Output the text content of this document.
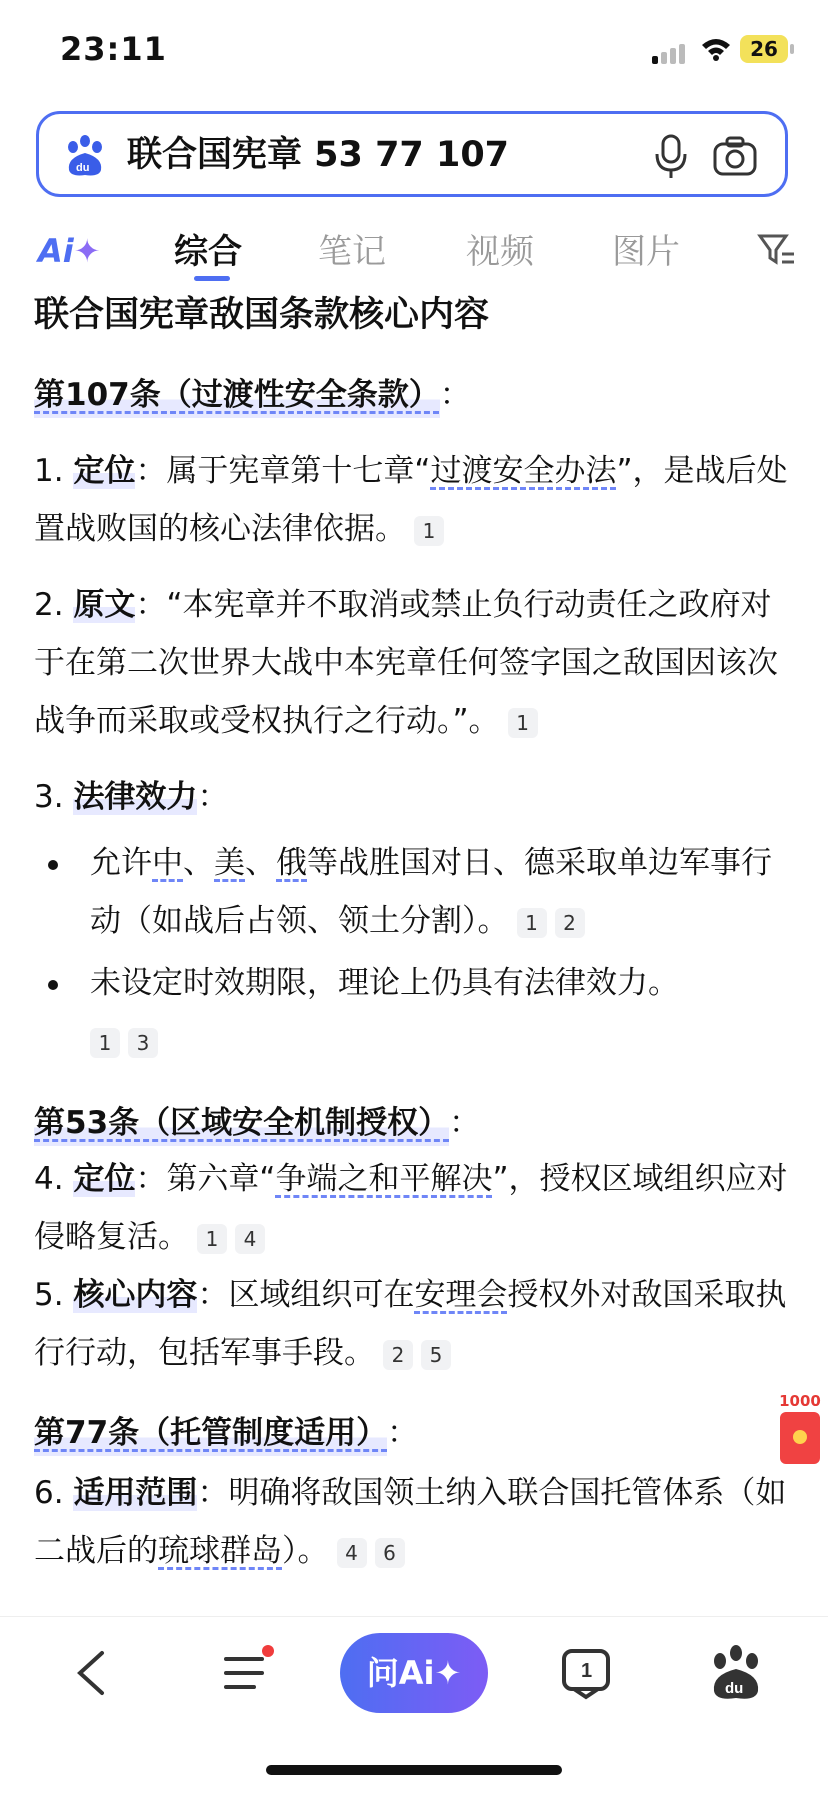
23:11	26
du 联合国宪章 53 77 107
Ai✦ 综合 笔记 视频 图片

联合国宪章敌国条款核心内容

第107条（过渡性安全条款）：

1. 定位：属于宪章第十七章“过渡安全办法”，是战后处置战败国的核心法律依据。 1

2. 原文：“本宪章并不取消或禁止负行动责任之政府对于在第二次世界大战中本宪章任何签字国之敌国因该次战争而采取或受权执行之行动。”。 1

3. 法律效力：

允许中、美、俄等战胜国对日、德采取单边军事行动（如战后占领、领土分割）。 1 2

未设定时效期限，理论上仍具有法律效力。
1 3

第53条（区域安全机制授权）：

4. 定位：第六章“争端之和平解决”，授权区域组织应对侵略复活。 1 4

5. 核心内容：区域组织可在安理会授权外对敌国采取执行行动，包括军事手段。 2 5

第77条（托管制度适用）：

6. 适用范围：明确将敌国领土纳入联合国托管体系（如二战后的琉球群岛）。 4 6

1000
问Ai✦	1
du
